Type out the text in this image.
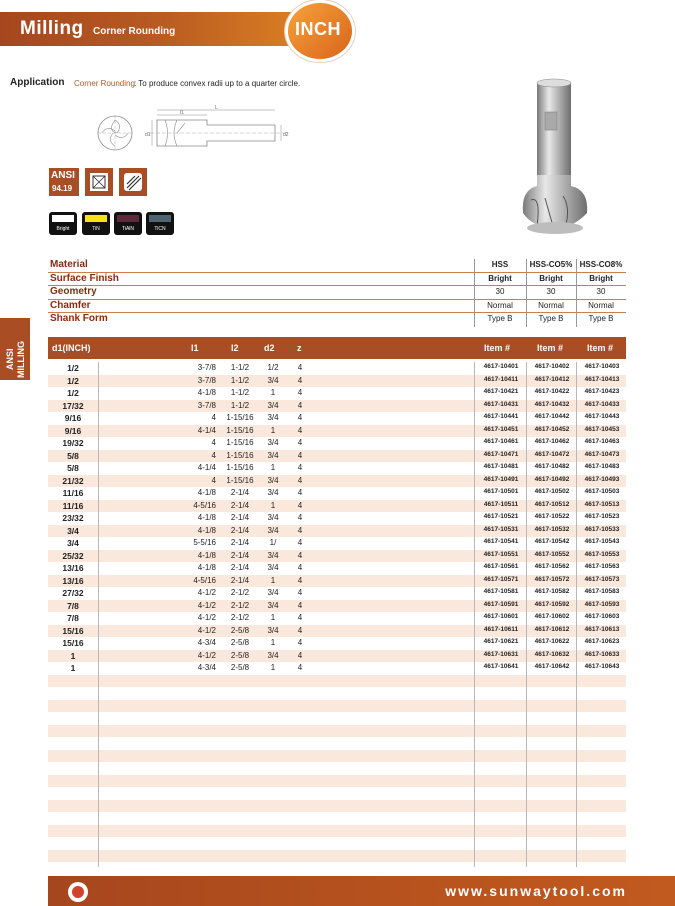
Milling Corner Rounding	INCH
Application Corner Rounding : To produce convex radii up to a quarter circle.
L
l1
d1	d2
ANSI
94.19
Bright	TiN	TiAlN	TiCN
ANSI MILLING
Material	HSS	HSS-CO5% HSS-CO8%
Surface Finish	Bright	Bright	Bright
Geometry	30	30	30
Chamfer	Normal	Normal	Normal
Shank Form	Type B	Type B	Type B
d1(INCH)	l1	l2	d2 z	Item #	Item #	Item #
1/2	3-7/8	1-1/2	1/2	4	4617-10401	4617-10402	4617-10403
1/2	3-7/8	1-1/2	3/4	4	4617-10411	4617-10412	4617-10413
1/2	4-1/8	1-1/2	1	4	4617-10421	4617-10422	4617-10423
17/32	3-7/8	1-1/2	3/4	4	4617-10431	4617-10432	4617-10433
9/16	4	1-15/16	3/4	4	4617-10441	4617-10442	4617-10443
9/16	4-1/4	1-15/16	1	4	4617-10451	4617-10452	4617-10453
19/32	4	1-15/16	3/4	4	4617-10461	4617-10462	4617-10463
5/8	4	1-15/16	3/4	4	4617-10471	4617-10472	4617-10473
5/8	4-1/4	1-15/16	1	4	4617-10481	4617-10482	4617-10483
21/32	4	1-15/16	3/4	4	4617-10491	4617-10492	4617-10493
11/16	4-1/8	2-1/4	3/4	4	4617-10501	4617-10502	4617-10503
11/16	4-5/16	2-1/4	1	4	4617-10511	4617-10512	4617-10513
23/32	4-1/8	2-1/4	3/4	4	4617-10521	4617-10522	4617-10523
3/4	4-1/8	2-1/4	3/4	4	4617-10531	4617-10532	4617-10533
3/4	5-5/16	2-1/4	1/	4	4617-10541	4617-10542	4617-10543
25/32	4-1/8	2-1/4	3/4	4	4617-10551	4617-10552	4617-10553
13/16	4-1/8	2-1/4	3/4	4	4617-10561	4617-10562	4617-10563
13/16	4-5/16	2-1/4	1	4	4617-10571	4617-10572	4617-10573
27/32	4-1/2	2-1/2	3/4	4	4617-10581	4617-10582	4617-10583
7/8	4-1/2	2-1/2	3/4	4	4617-10591	4617-10592	4617-10593
7/8	4-1/2	2-1/2	1	4	4617-10601	4617-10602	4617-10603
15/16	4-1/2	2-5/8	3/4	4	4617-10611	4617-10612	4617-10613
15/16	4-3/4	2-5/8	1	4	4617-10621	4617-10622	4617-10623
1	4-1/2	2-5/8	3/4	4	4617-10631	4617-10632	4617-10633
1	4-3/4	2-5/8	1	4	4617-10641	4617-10642	4617-10643
www.sunwaytool.com
